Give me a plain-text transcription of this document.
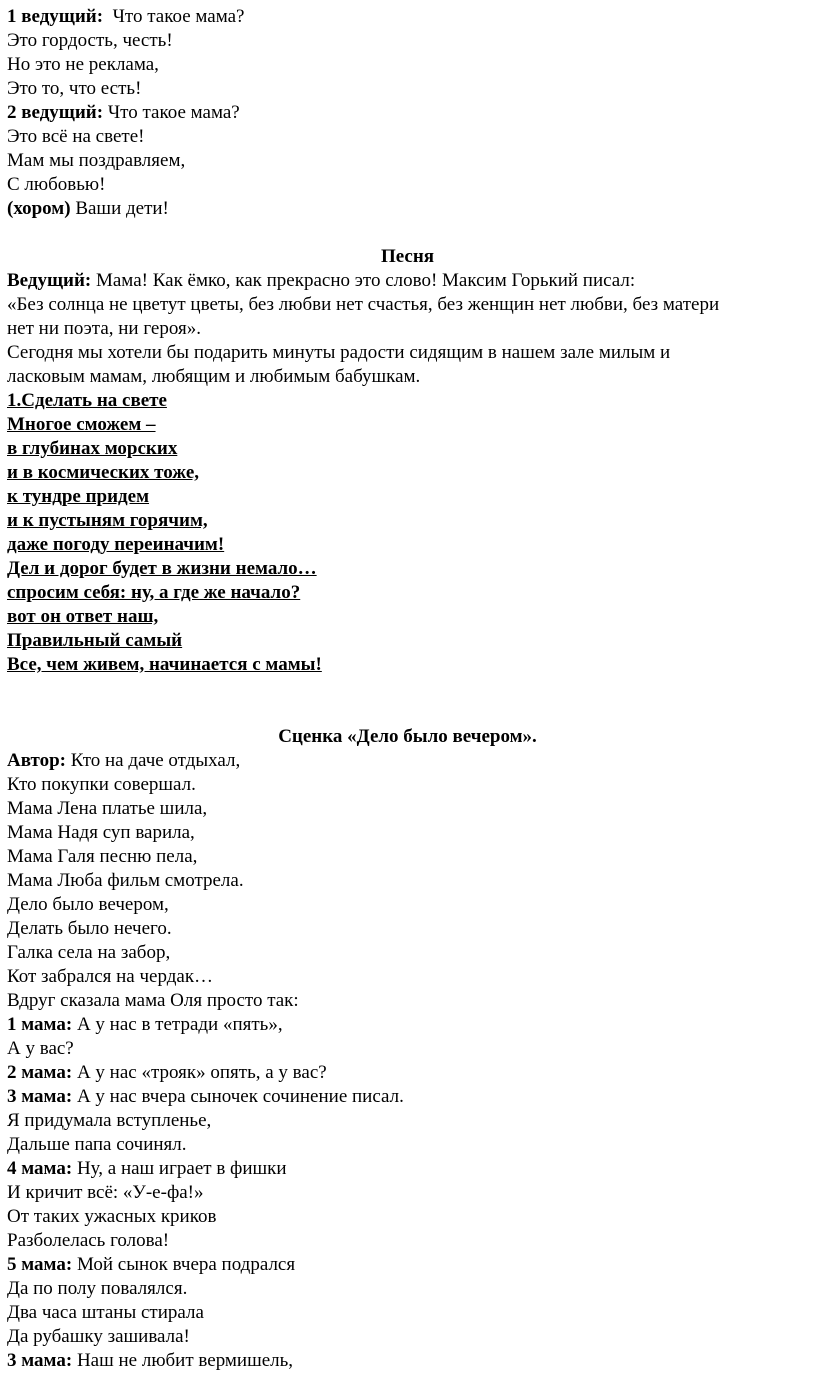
1 ведущий:  Что такое мама?
Это гордость, честь!
Но это не реклама,
Это то, что есть!
2 ведущий: Что такое мама?
Это всё на свете!
Мам мы поздравляем,
С любовью!
(хором) Ваши дети!

Песня
Ведущий: Мама! Как ёмко, как прекрасно это слово! Максим Горький писал:
«Без солнца не цветут цветы, без любви нет счастья, без женщин нет любви, без матери
нет ни поэта, ни героя».
Сегодня мы хотели бы подарить минуты радости сидящим в нашем зале милым и
ласковым мамам, любящим и любимым бабушкам.
1.Сделать на свете
Многое сможем –
в глубинах морских
и в космических тоже,
к тундре придем
и к пустыням горячим,
даже погоду переиначим!
Дел и дорог будет в жизни немало…
спросим себя: ну, а где же начало?
вот он ответ наш,
Правильный самый
Все, чем живем, начинается с мамы!

Сценка «Дело было вечером».
Автор: Кто на даче отдыхал,
Кто покупки совершал.
Мама Лена платье шила,
Мама Надя суп варила,
Мама Галя песню пела,
Мама Люба фильм смотрела.
Дело было вечером,
Делать было нечего.
Галка села на забор,
Кот забрался на чердак…
Вдруг сказала мама Оля просто так:
1 мама: А у нас в тетради «пять»,
А у вас?
2 мама: А у нас «трояк» опять, а у вас?
3 мама: А у нас вчера сыночек сочинение писал.
Я придумала вступленье,
Дальше папа сочинял.
4 мама: Ну, а наш играет в фишки
И кричит всё: «У-е-фа!»
От таких ужасных криков
Разболелась голова!
5 мама: Мой сынок вчера подрался
Да по полу повалялся.
Два часа штаны стирала
Да рубашку зашивала!
3 мама: Наш не любит вермишель,
